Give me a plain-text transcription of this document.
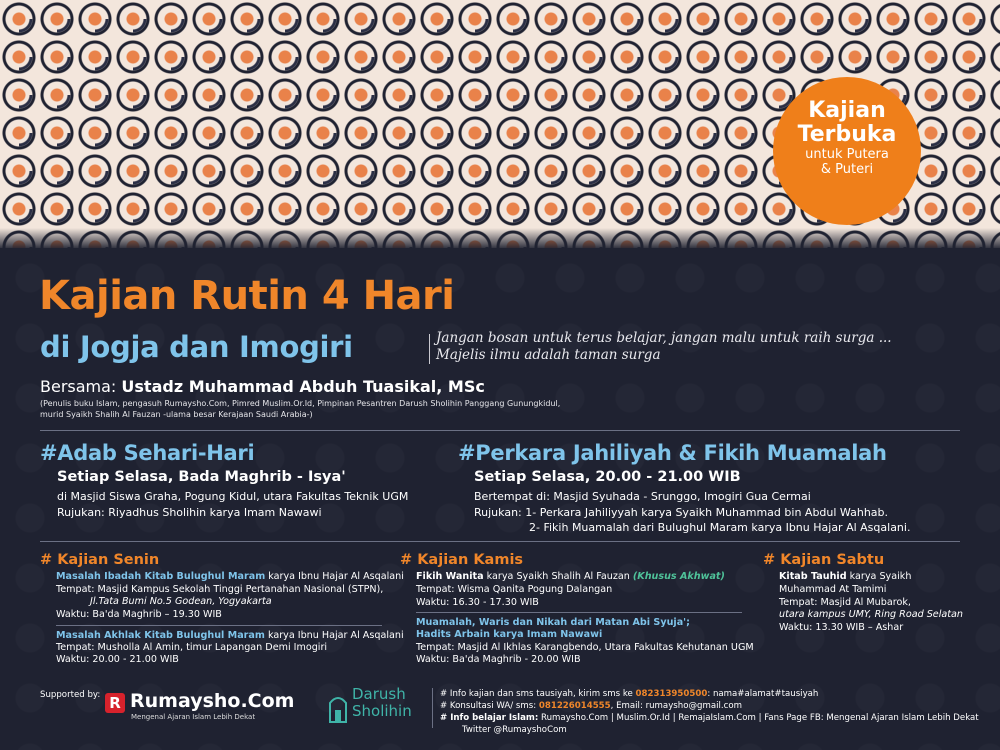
Kajian
Terbuka
untuk Putera
& Puteri
Kajian Rutin 4 Hari
di Jogja dan Imogiri	Jangan bosan untuk terus belajar, jangan malu untuk raih surga ...
Majelis ilmu adalah taman surga
Bersama: Ustadz Muhammad Abduh Tuasikal, MSc
(Penulis buku Islam, pengasuh Rumaysho.Com, Pimred Muslim.Or.Id, Pimpinan Pesantren Darush Sholihin Panggang Gunungkidul,
murid Syaikh Shalih Al Fauzan -ulama besar Kerajaan Saudi Arabia-)
#Adab Sehari-Hari
Setiap Selasa, Bada Maghrib - Isya'
di Masjid Siswa Graha, Pogung Kidul, utara Fakultas Teknik UGM
Rujukan: Riyadhus Sholihin karya Imam Nawawi
#Perkara Jahiliyah & Fikih Muamalah
Setiap Selasa, 20.00 - 21.00 WIB
Bertempat di: Masjid Syuhada - Srunggo, Imogiri Gua Cermai
Rujukan: 1- Perkara Jahiliyyah karya Syaikh Muhammad bin Abdul Wahhab.
2- Fikih Muamalah dari Bulughul Maram karya Ibnu Hajar Al Asqalani.
# Kajian Senin
Masalah Ibadah Kitab Bulughul Maram karya Ibnu Hajar Al Asqalani
Tempat: Masjid Kampus Sekolah Tinggi Pertanahan Nasional (STPN),
Jl.Tata Bumi No.5 Godean, Yogyakarta
Waktu: Ba'da Maghrib – 19.30 WIB
Masalah Akhlak Kitab Bulughul Maram karya Ibnu Hajar Al Asqalani
Tempat: Musholla Al Amin, timur Lapangan Demi Imogiri
Waktu: 20.00 - 21.00 WIB
# Kajian Kamis
Fikih Wanita karya Syaikh Shalih Al Fauzan (Khusus Akhwat)
Tempat: Wisma Qanita Pogung Dalangan
Waktu: 16.30 - 17.30 WIB
Muamalah, Waris dan Nikah dari Matan Abi Syuja';
Hadits Arbain karya Imam Nawawi
Tempat: Masjid Al Ikhlas Karangbendo, Utara Fakultas Kehutanan UGM
Waktu: Ba'da Maghrib - 20.00 WIB
# Kajian Sabtu
Kitab Tauhid karya Syaikh
Muhammad At Tamimi
Tempat: Masjid Al Mubarok,
utara kampus UMY, Ring Road Selatan
Waktu: 13.30 WIB – Ashar
Supported by: R Rumaysho.Com
Mengenal Ajaran Islam Lebih Dekat
Darush
Sholihin
# Info kajian dan sms tausiyah, kirim sms ke 082313950500: nama#alamat#tausiyah
# Konsultasi WA/ sms: 081226014555, Email: rumaysho@gmail.com
# Info belajar Islam: Rumaysho.Com | Muslim.Or.Id | RemajaIslam.Com | Fans Page FB: Mengenal Ajaran Islam Lebih Dekat
Twitter @RumayshoCom
